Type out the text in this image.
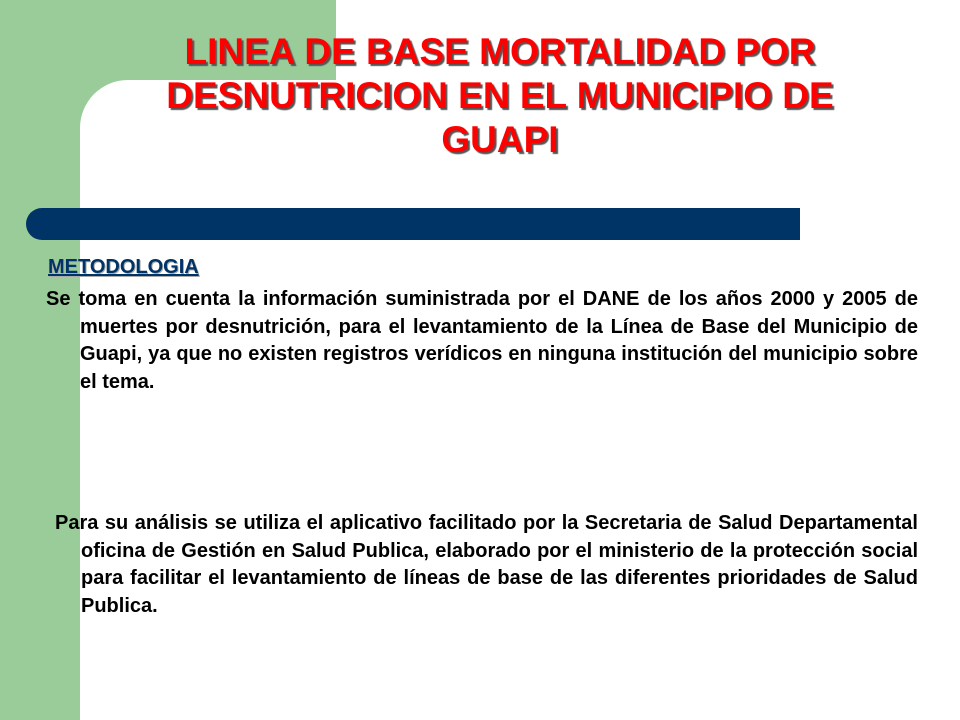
LINEA DE BASE MORTALIDAD POR DESNUTRICION EN EL MUNICIPIO DE GUAPI
METODOLOGIA

Se toma en cuenta la información suministrada por el DANE de los años 2000 y 2005 de muertes por desnutrición, para el levantamiento de la Línea de Base del Municipio de Guapi, ya que no existen registros verídicos en ninguna institución del municipio sobre el tema.

Para su análisis se utiliza el aplicativo facilitado por la Secretaria de Salud Departamental oficina de Gestión en Salud Publica, elaborado por el ministerio de la protección social para facilitar el levantamiento de líneas de base de las diferentes prioridades de Salud Publica.
